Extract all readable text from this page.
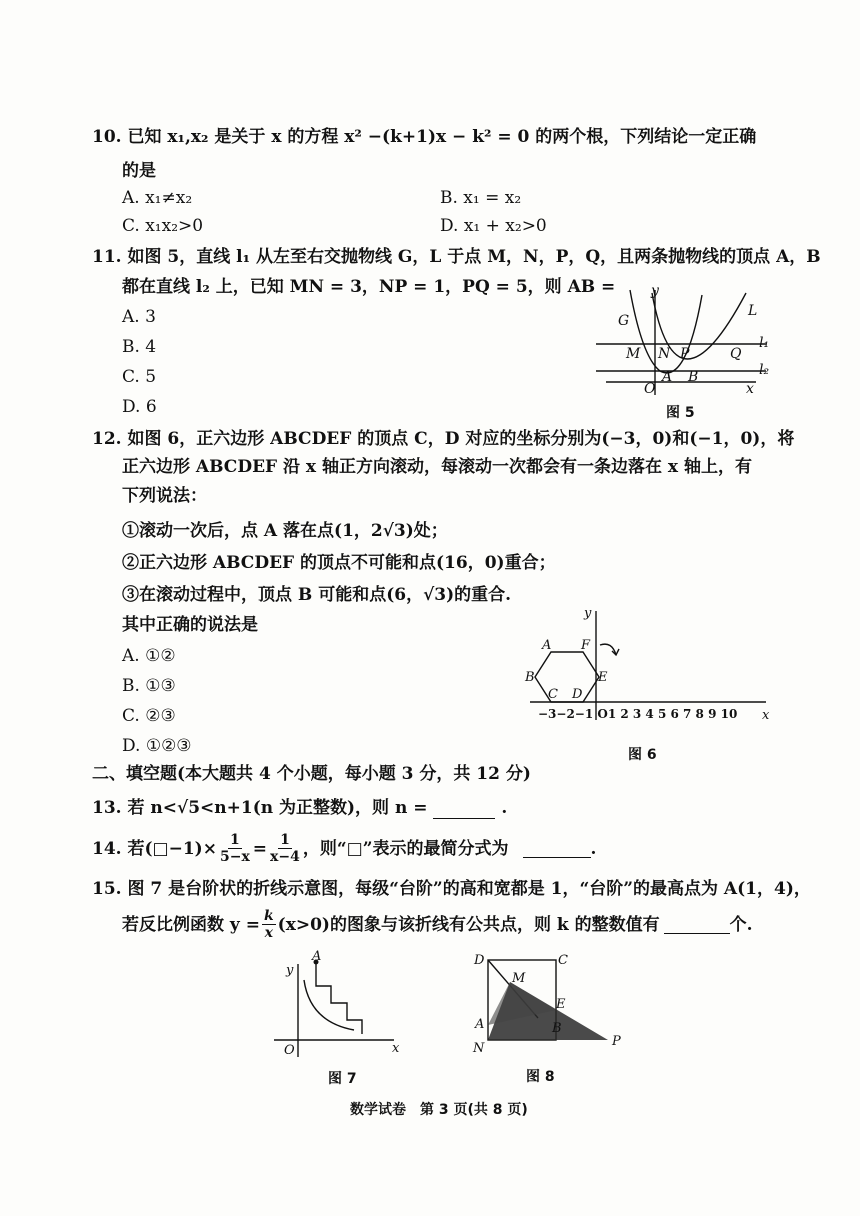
10. 已知 x₁,x₂ 是关于 x 的方程 x² −(k+1)x − k² = 0 的两个根，下列结论一定正确
的是
A. x₁≠x₂	B. x₁ = x₂
C. x₁x₂>0	D. x₁ + x₂>0
11. 如图 5，直线 l₁ 从左至右交抛物线 G，L 于点 M，N，P，Q，且两条抛物线的顶点 A，B
都在直线 l₂ 上，已知 MN = 3，NP = 1，PQ = 5，则 AB =
A. 3
B. 4
C. 5
D. 6
G
L
y
x
O
M N P	Q
A B
l₁
l₂
图 5
12. 如图 6，正六边形 ABCDEF 的顶点 C，D 对应的坐标分别为(−3，0)和(−1，0)，将
正六边形 ABCDEF 沿 x 轴正方向滚动，每滚动一次都会有一条边落在 x 轴上，有
下列说法：
①滚动一次后，点 A 落在点(1，2√3)处；
②正六边形 ABCDEF 的顶点不可能和点(16，0)重合；
③在滚动过程中，顶点 B 可能和点(6，√3)的重合.
其中正确的说法是
A. ①②
B. ①③
C. ②③
D. ①②③
y
x
A F
B	E
C D
−3−2−1 O1 2 3 4 5 6 7 8 9 10
图 6
二、填空题(本大题共 4 个小题，每小题 3 分，共 12 分)
13. 若 n<√5<n+1(n 为正整数)，则 n =	.
14. 若(□−1)× $\frac{1}{5-x} = \frac{1}{x-4}$ ，则“□”表示的最简分式为	.
15. 图 7 是台阶状的折线示意图，每级“台阶”的高和宽都是 1，“台阶”的最高点为 A(1，4)，
若反比例函数 $y = \frac{k}{x} (x>0)$的图象与该折线有公共点，则 k 的整数值有	个.
y
x
O
A
图 7
D	C
M
E
A	B
N	P
图 8
数学试卷　第 3 页(共 8 页)
